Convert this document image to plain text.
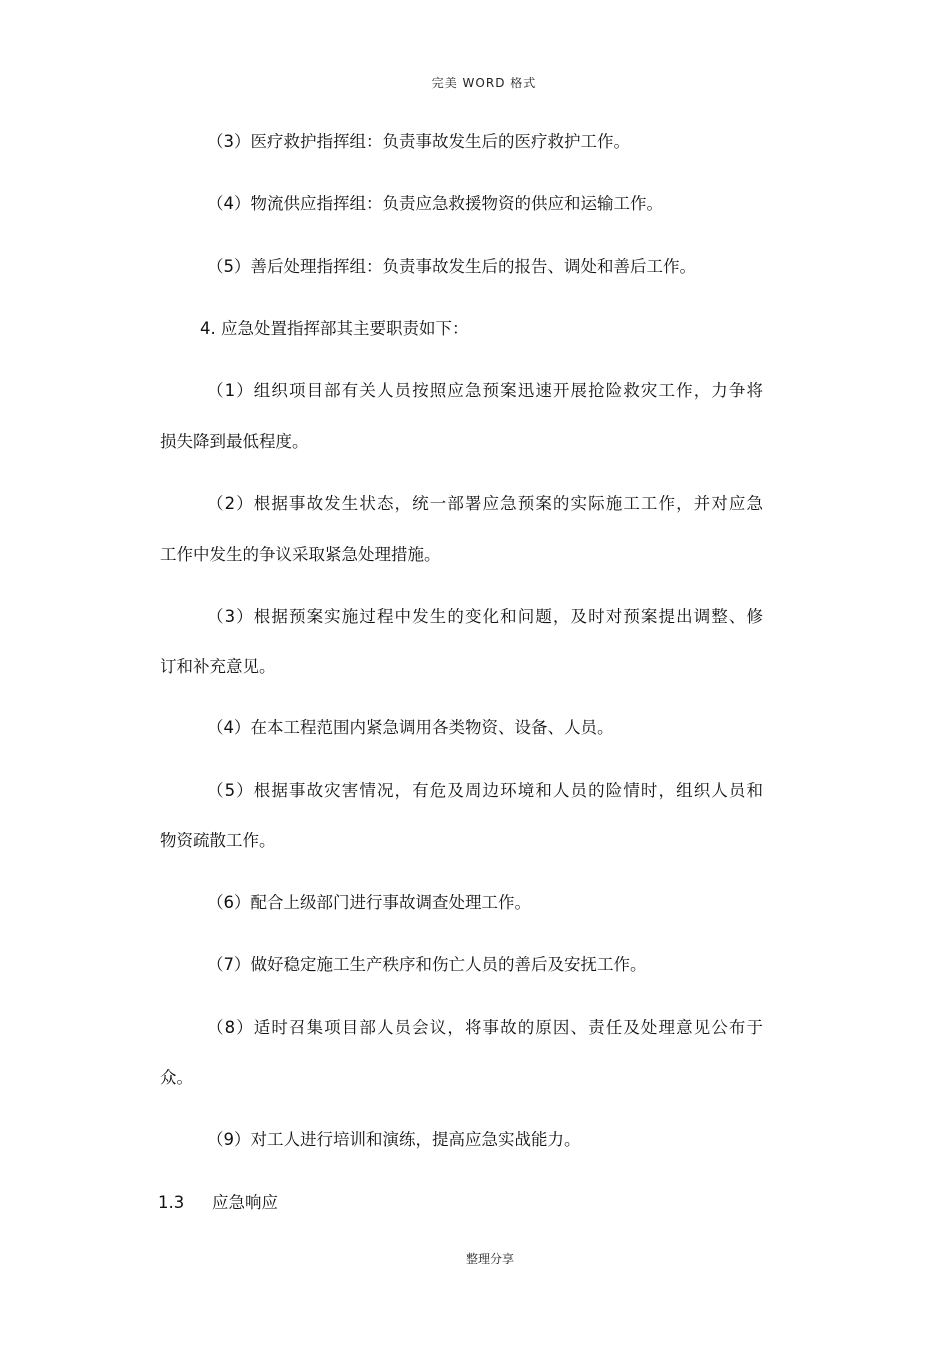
完美 WORD 格式
（3）医疗救护指挥组：负责事故发生后的医疗救护工作。
（4）物流供应指挥组：负责应急救援物资的供应和运输工作。
（5）善后处理指挥组：负责事故发生后的报告、调处和善后工作。
4. 应急处置指挥部其主要职责如下：
（1）组织项目部有关人员按照应急预案迅速开展抢险救灾工作，力争将
损失降到最低程度。
（2）根据事故发生状态，统一部署应急预案的实际施工工作，并对应急
工作中发生的争议采取紧急处理措施。
（3）根据预案实施过程中发生的变化和问题，及时对预案提出调整、修
订和补充意见。
（4）在本工程范围内紧急调用各类物资、设备、人员。
（5）根据事故灾害情况，有危及周边环境和人员的险情时，组织人员和
物资疏散工作。
（6）配合上级部门进行事故调查处理工作。
（7）做好稳定施工生产秩序和伤亡人员的善后及安抚工作。
（8）适时召集项目部人员会议，将事故的原因、责任及处理意见公布于
众。
（9）对工人进行培训和演练，提高应急实战能力。
1.3 应急响应
整理分享
